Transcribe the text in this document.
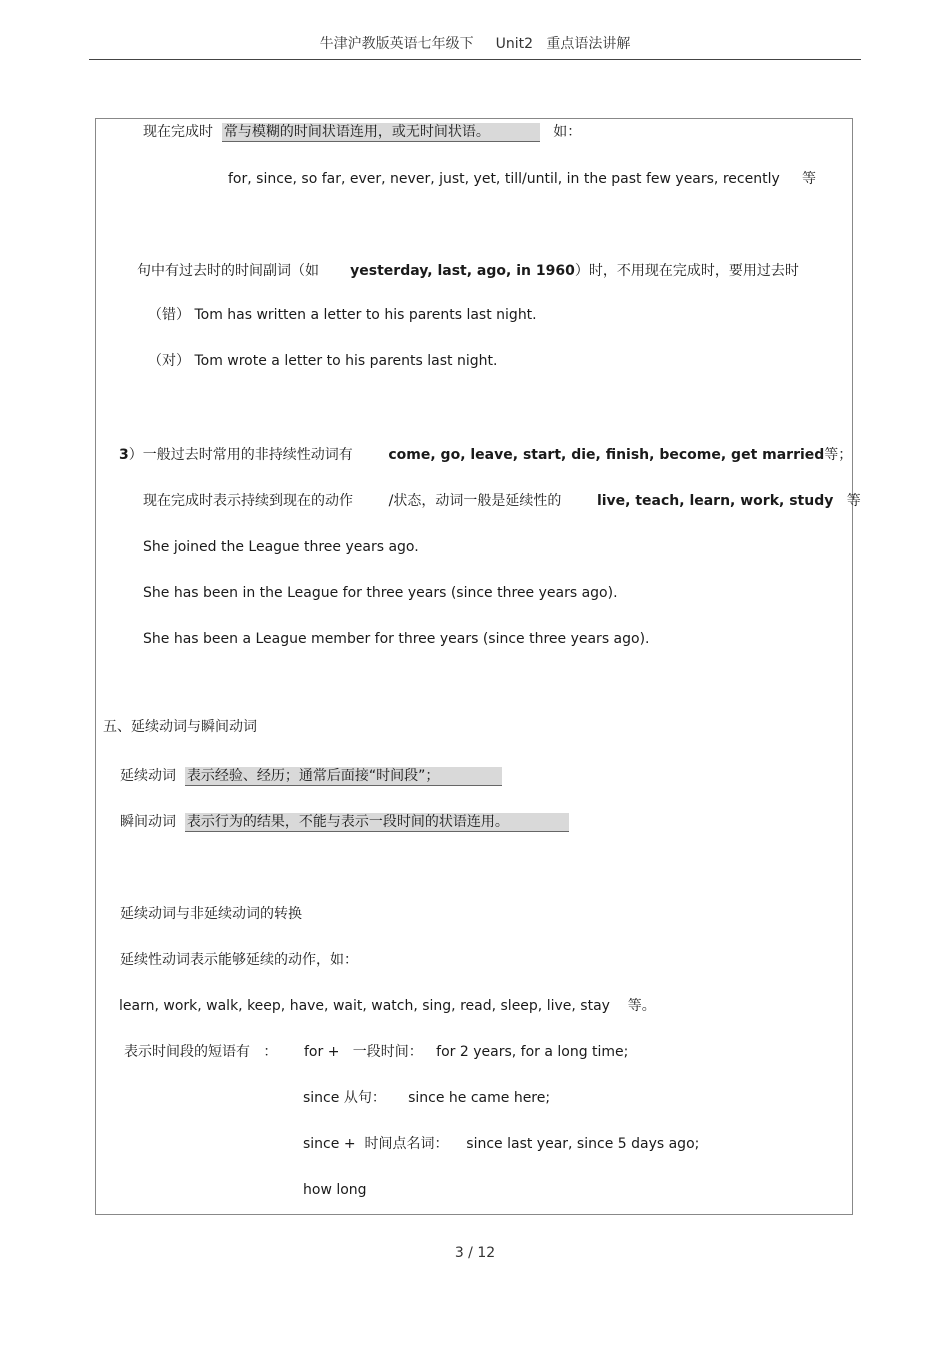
牛津沪教版英语七年级下 Unit2 重点语法讲解
现在完成时 常与模糊的时间状语连用，或无时间状语。	如：
for, since, so far, ever, never, just, yet, till/until, in the past few years, recently 等
句中有过去时的时间副词（如 yesterday, last, ago, in 1960）时，不用现在完成时，要用过去时
（错） Tom has written a letter to his parents last night.
（对） Tom wrote a letter to his parents last night.
3）一般过去时常用的非持续性动词有	come, go, leave, start, die, finish, become, get married等；
现在完成时表示持续到现在的动作	/状态，动词一般是延续性的	live, teach, learn, work, study 等
She joined the League three years ago.
She has been in the League for three years (since three years ago).
She has been a League member for three years (since three years ago).
五、延续动词与瞬间动词
延续动词 表示经验、经历；通常后面接“时间段”；
瞬间动词 表示行为的结果，不能与表示一段时间的状语连用。
延续动词与非延续动词的转换
延续性动词表示能够延续的动作，如：
learn, work, walk, keep, have, wait, watch, sing, read, sleep, live, stay 等。
表示时间段的短语有 ： for + 一段时间： for 2 years, for a long time;
since 从句： since he came here;
since + 时间点名词： since last year, since 5 days ago;
how long
3 / 12
